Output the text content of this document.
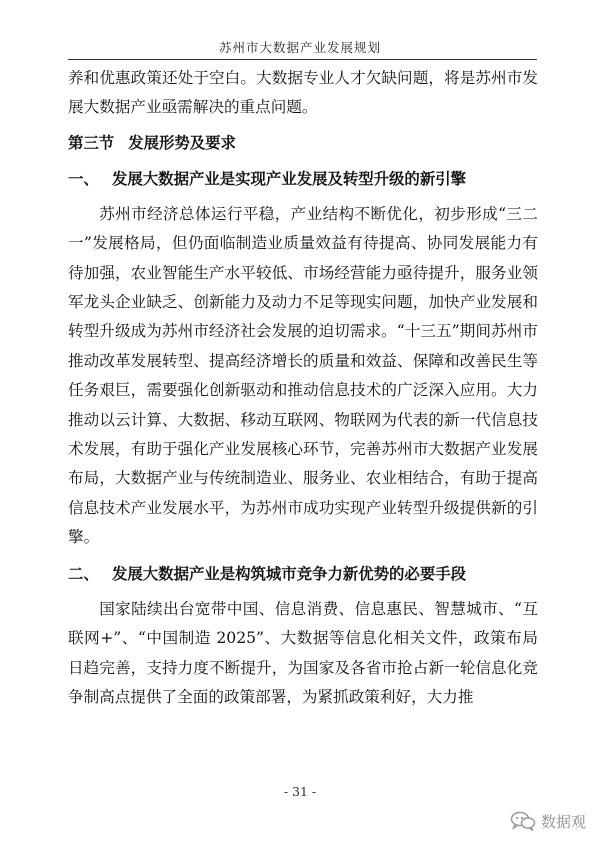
苏州市大数据产业发展规划

养和优惠政策还处于空白。大数据专业人才欠缺问题，将是苏州市发展大数据产业亟需解决的重点问题。

第三节 发展形势及要求
一、 发展大数据产业是实现产业发展及转型升级的新引擎

苏州市经济总体运行平稳，产业结构不断优化，初步形成“三二一”发展格局，但仍面临制造业质量效益有待提高、协同发展能力有待加强，农业智能生产水平较低、市场经营能力亟待提升，服务业领军龙头企业缺乏、创新能力及动力不足等现实问题，加快产业发展和转型升级成为苏州市经济社会发展的迫切需求。“十三五”期间苏州市推动改革发展转型、提高经济增长的质量和效益、保障和改善民生等任务艰巨，需要强化创新驱动和推动信息技术的广泛深入应用。大力推动以云计算、大数据、移动互联网、物联网为代表的新一代信息技术发展，有助于强化产业发展核心环节，完善苏州市大数据产业发展布局，大数据产业与传统制造业、服务业、农业相结合，有助于提高信息技术产业发展水平，为苏州市成功实现产业转型升级提供新的引擎。

二、 发展大数据产业是构筑城市竞争力新优势的必要手段

国家陆续出台宽带中国、信息消费、信息惠民、智慧城市、“互联网+”、“中国制造 2025”、大数据等信息化相关文件，政策布局日趋完善，支持力度不断提升，为国家及各省市抢占新一轮信息化竞争制高点提供了全面的政策部署，为紧抓政策利好，大力推

- 31 -
数据观
